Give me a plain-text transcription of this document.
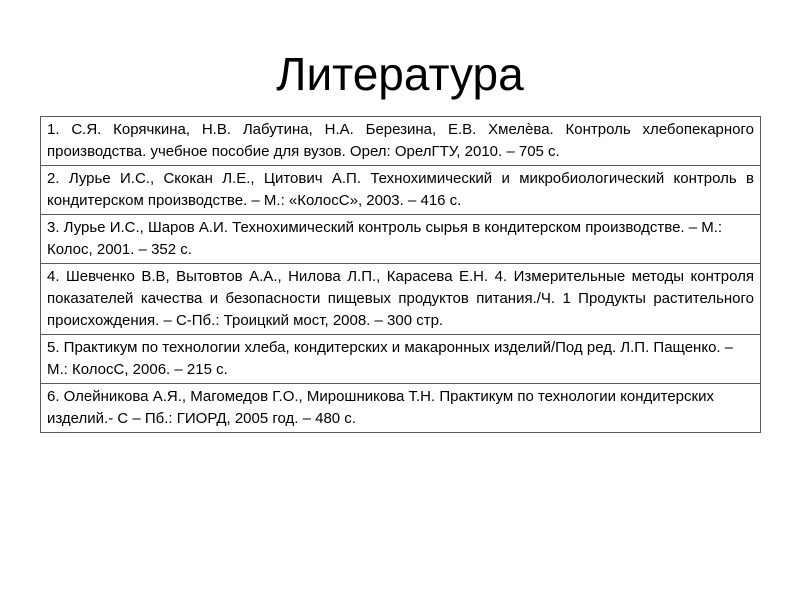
Литература
1. С.Я. Корячкина, Н.В. Лабутина, Н.А. Березина, Е.В. Хмелѐва. Контроль хлебопекарного производства. учебное пособие для вузов. Орел: ОрелГТУ, 2010. – 705 с.
2. Лурье И.С., Скокан Л.Е., Цитович А.П. Технохимический и микробиологический контроль в кондитерском производстве. – М.: «КолосС», 2003. – 416 с.
3. Лурье И.С., Шаров А.И. Технохимический контроль сырья в кондитерском производстве. – М.: Колос, 2001. – 352 с.
4. Шевченко В.В, Вытовтов А.А., Нилова Л.П., Карасева Е.Н. 4. Измерительные методы контроля показателей качества и безопасности пищевых продуктов питания./Ч. 1 Продукты растительного происхождения. – С-Пб.: Троицкий мост, 2008. – 300 стр.
5. Практикум по технологии хлеба, кондитерских и макаронных изделий/Под ред. Л.П. Пащенко. – М.: КолосС, 2006. – 215 с.
6. Олейникова А.Я., Магомедов Г.О., Мирошникова Т.Н. Практикум по технологии кондитерских изделий.- С – Пб.: ГИОРД, 2005 год. – 480 с.
